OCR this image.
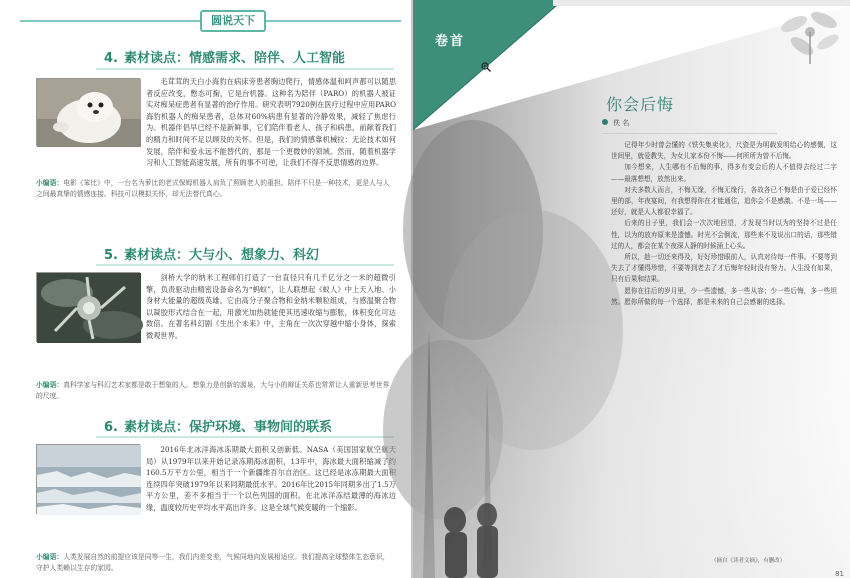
圆说天下
4. 素材读点：情感需求、陪伴、人工智能
毛茸茸的天白小海豹在病床旁患者胸边爬行，情感体温和呵声都可以随思者反应改变，憋态可掬，它是台机器。这种名为陪伴（PARO）的机器人被证实对痴呆症患者有显著的治疗作用。研究表明7920例在医疗过程中应用PARO海豹机器人的痴呆患者，总体对60%病患有显著的冷静效果，减轻了焦虑行为。机器伴侣早已经不是新鲜事，它们陪伴着老人、孩子和病患，前献着我们的精力和时间不足以顾及的关怀。但是，我们的情感靠机械拉：无论技术如何发展，陪伴和爱永远不能替代的，那是一个更微妙的领域。然而，随着机器学习和人工智能高速发展，所有的事不可逆，让我们不得不反思情感的边界。
小编语：电影《笨比》中，一台名为萝比的老式保姆机器人肩负了照顾老人的重担。陪伴不只是一种技术，更是人与人之间最真挚的情感连接。科技可以模拟关怀，却无法替代真心。
5. 素材读点：大与小、想象力、科幻
剑桥大学的纳米工程师们打造了一台直径只有几千亿分之一米的超微引擎，负责驱动由精密设备命名为“蚂蚁”，让人联想起《蚁人》中上天入地、小身材大能量的超级英雄。它由高分子聚合物和金纳米颗粒组成，与感温聚合物以凝胶形式结合在一起，用激光加热就能使其迅速收缩与膨胀，体积变化可达数倍。在著名科幻剧《生出个未来》中，主角在一次次穿越中缩小身体，探索微观世界。
小编语：真科学家与科幻艺术家都是敢于想象的人。想象力是创新的源泉，大与小的辩证关系也常常让人重新思考世界的尺度。
6. 素材读点：保护环境、事物间的联系
2016年北冰洋海冰冻期最大面积又创新低。NASA（美国国家航空航天局）从1979年以来开始记录冻期海冰面积，13年中，海冰最大面积缩减了约160.5万平方公里，相当于一个新疆维吾尔自治区。这已经是冰冻期最大面积连续四年突破1979年以来同期最低水平。2016年比2015年同期多出了1.5万平方公里，差不多相当于一个以色列国的面积。在北冰洋冻结最薄的海冰边缘，温度较历史平均水平高出许多。这是全球气候变暖的一个缩影。
小编语：人类发展自然的前提应该是同等一生，我们内差变差，气候同地向发展相适应。我们提高全球整体生态意识，守护人类赖以生存的家园。
卷首
你会后悔
佚 名

记得年少时曾会懂的《铁失集卖化》，尺瓷是为明载发明给心的感慨，这世间里，就爱教失，为女儿家本份不悔——何所所为曾不后悔。

加今想来，人生哪有不后悔的事，得多有变会后的人不值得去经过二字——最落想想，放然出来。

对夫多数人而言，不悔无缘，不悔无缘行，各故各已不悔是由于爱已经怀里的部，年夜宴间，有我想得你在才能通往，追你会不是感激。不是一场——还好，就是人人都很幸福了。

后来的日子里，我们会一次次地回望，才发现当时以为的坚持不过是任性，以为的放弃原来是遗憾。时光不会倒流，那些来不及说出口的话，那些错过的人，都会在某个夜深人静的时候涌上心头。

所以，趁一切还来得及，好好珍惜眼前人，认真对待每一件事。不要等到失去了才懂得珍惜，不要等到老去了才后悔年轻时没有努力。人生没有如果，只有后果和结果。

愿你在往后的岁月里，少一些遗憾，多一些从容；少一些后悔，多一些坦然。愿你所做的每一个选择，都是未来的自己会感谢的选择。

（摘自《读者文摘》，有删改）
81
